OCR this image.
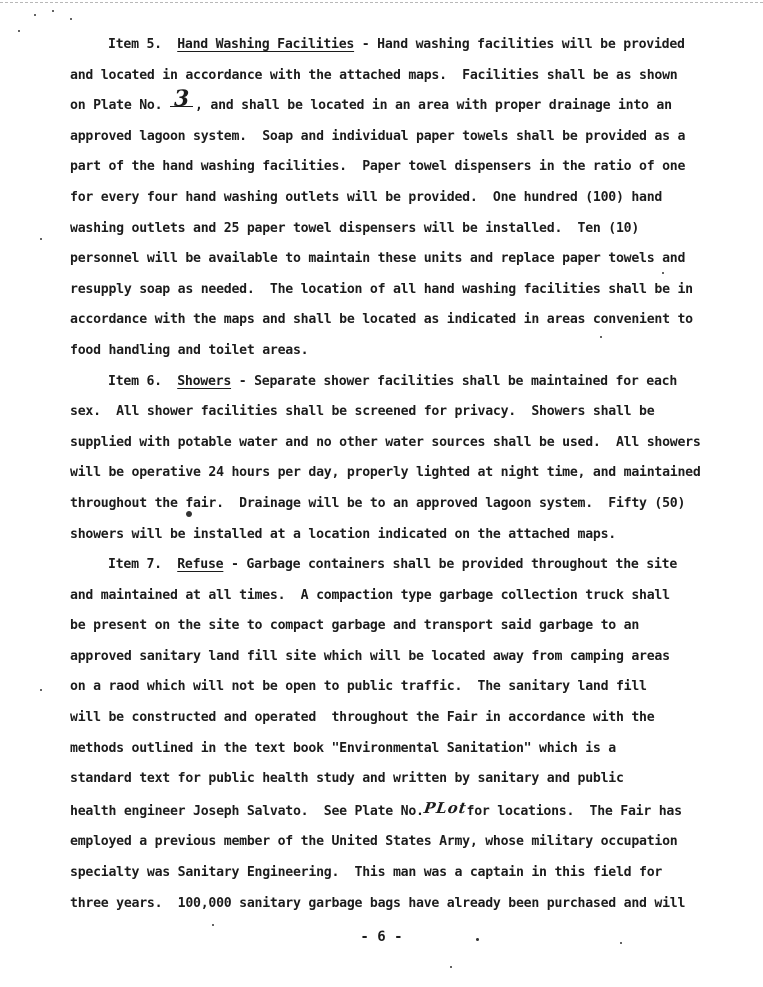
Item 5.  Hand Washing Facilities - Hand washing facilities will be provided
and located in accordance with the attached maps.  Facilities shall be as shown
on Plate No. 3 , and shall be located in an area with proper drainage into an
approved lagoon system.  Soap and individual paper towels shall be provided as a
part of the hand washing facilities.  Paper towel dispensers in the ratio of one
for every four hand washing outlets will be provided.  One hundred (100) hand
washing outlets and 25 paper towel dispensers will be installed.  Ten (10)
personnel will be available to maintain these units and replace paper towels and
resupply soap as needed.  The location of all hand washing facilities shall be in
accordance with the maps and shall be located as indicated in areas convenient to
food handling and toilet areas.
Item 6.  Showers - Separate shower facilities shall be maintained for each
sex.  All shower facilities shall be screened for privacy.  Showers shall be
supplied with potable water and no other water sources shall be used.  All showers
will be operative 24 hours per day, properly lighted at night time, and maintained
throughout the fair.  Drainage will be to an approved lagoon system.  Fifty (50)
showers will be installed at a location indicated on the attached maps.
Item 7.  Refuse - Garbage containers shall be provided throughout the site
and maintained at all times.  A compaction type garbage collection truck shall
be present on the site to compact garbage and transport said garbage to an
approved sanitary land fill site which will be located away from camping areas
on a raod which will not be open to public traffic.  The sanitary land fill
will be constructed and operated  throughout the Fair in accordance with the
methods outlined in the text book "Environmental Sanitation" which is a
standard text for public health study and written by sanitary and public
health engineer Joseph Salvato.  See Plate No.PLotfor locations.  The Fair has
employed a previous member of the United States Army, whose military occupation
specialty was Sanitary Engineering.  This man was a captain in this field for
three years.  100,000 sanitary garbage bags have already been purchased and will
- 6 -
